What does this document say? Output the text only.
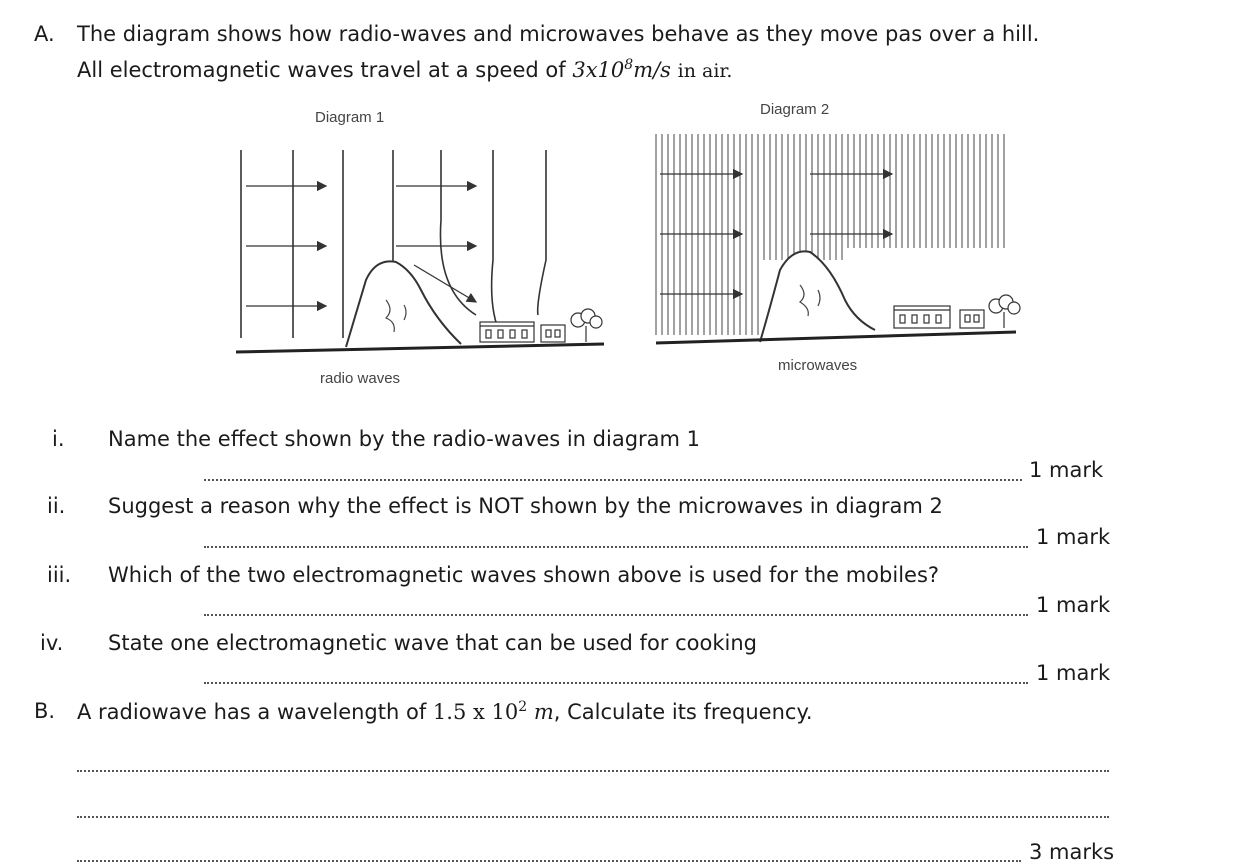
A. The diagram shows how radio-waves and microwaves behave as they move pas over a hill.
All electromagnetic waves travel at a speed of $3x10^8m/s$ in air.
Diagram 1	Diagram 2
radio waves
microwaves
i. Name the effect shown by the radio-waves in diagram 1
1 mark
ii. Suggest a reason why the effect is NOT shown by the microwaves in diagram 2
1 mark
iii. Which of the two electromagnetic waves shown above is used for the mobiles?
1 mark
iv. State one electromagnetic wave that can be used for cooking
1 mark
B. A radiowave has a wavelength of 1.5 x $10^2$ m, Calculate its frequency.
3 marks
